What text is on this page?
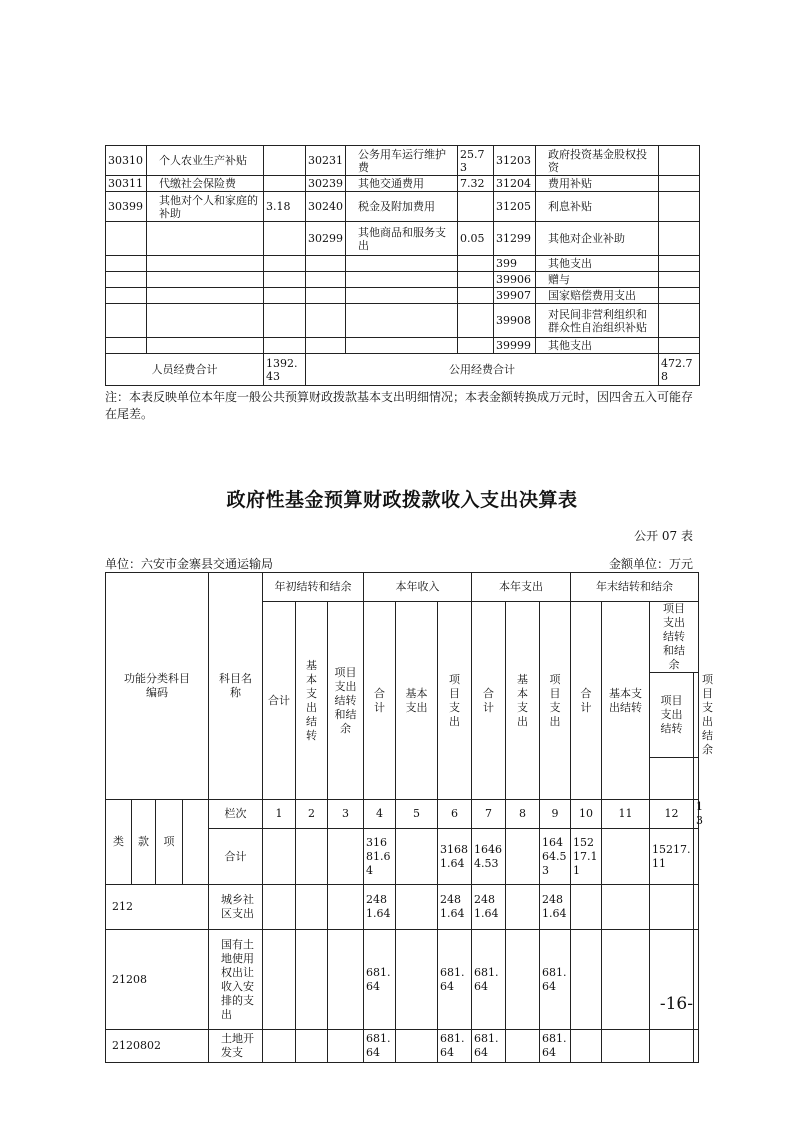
30310	个人农业生产补贴		30231	公务用车运行维护费	25.73	31203	政府投资基金股权投资	
30311	代缴社会保险费		30239	其他交通费用	7.32	31204	费用补贴	
30399	其他对个人和家庭的补助	3.18	30240	税金及附加费用		31205	利息补贴	
			30299	其他商品和服务支出	0.05	31299	其他对企业补助	
						399	其他支出	
						39906	赠与	
						39907	国家赔偿费用支出	
						39908	对民间非营利组织和群众性自治组织补贴	
						39999	其他支出	
人员经费合计		1392.43	公用经费合计					472.78
注：本表反映单位本年度一般公共预算财政拨款基本支出明细情况；本表金额转换成万元时，因四舍五入可能存在尾差。
政府性基金预算财政拨款收入支出决算表
公开 07 表
单位：六安市金寨县交通运输局	金额单位：万元
功能分类科目编码				科目名称	年初结转和结余			本年收入			本年支出			年末结转和结余			
					合计	基本支出结转	项目支出结转和结余	合计	基本支出	项目支出	合计	基本支出	项目支出	合计	基本支出结转	项目支出结转和结余	
																项目支出结转	项目支出结余

类	款	项		栏次	1	2	3	4	5	6	7	8	9	10	11	12	13
				合计				31681.64		31681.64	16464.53		16464.53	15217.11		15217.11	
212				城乡社区支出				2481.64		2481.64	2481.64		2481.64				
21208				国有土地使用权出让收入安排的支出				681.64		681.64	681.64		681.64				
2120802				土地开发支				681.64		681.64	681.64		681.64				
-16-
